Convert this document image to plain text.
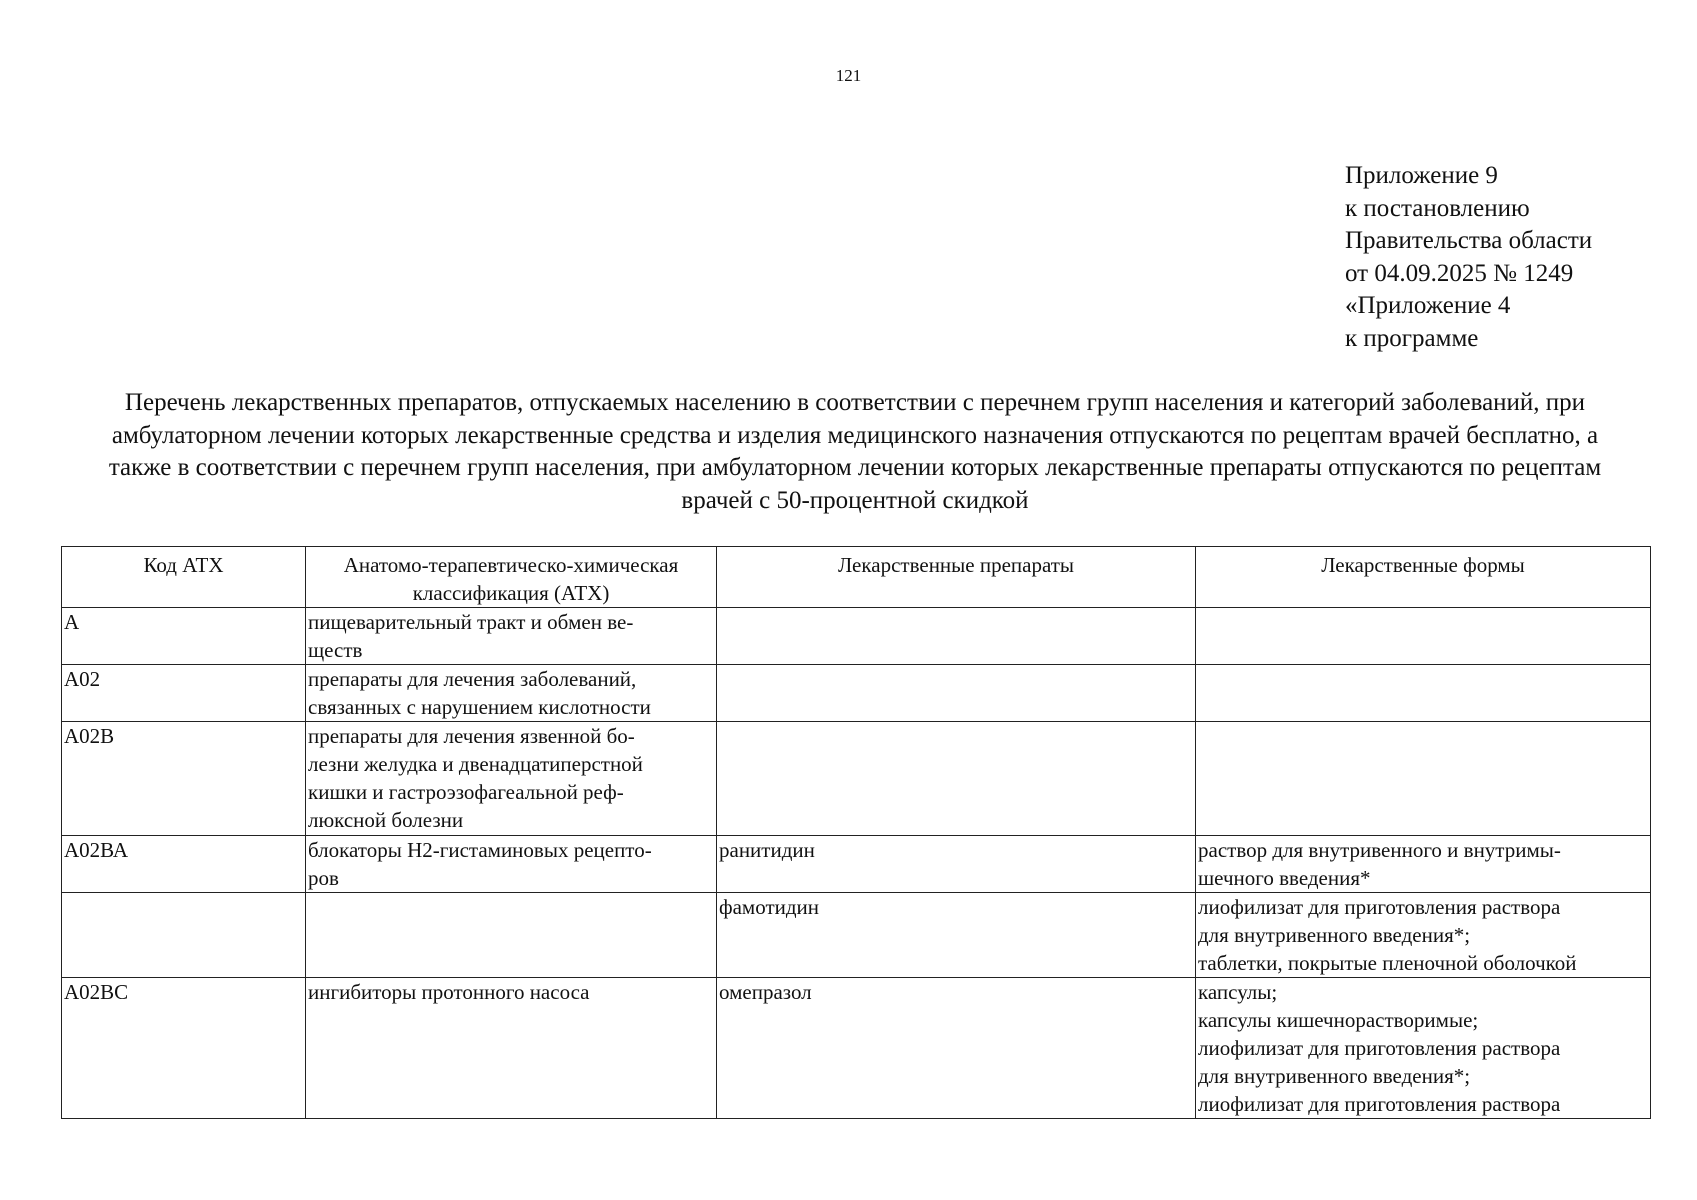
121
Приложение 9
к постановлению
Правительства области
от 04.09.2025 № 1249
«Приложение 4
к программе
Перечень лекарственных препаратов, отпускаемых населению в соответствии с перечнем групп населения и категорий заболеваний, при амбулаторном лечении которых лекарственные средства и изделия медицинского назначения отпускаются по рецептам врачей бесплатно, а также в соответствии с перечнем групп населения, при амбулаторном лечении которых лекарственные препараты отпускаются по рецептам врачей с 50-процентной скидкой
Код АТХ	Анатомо-терапевтическо-химическая классификация (АТХ)	Лекарственные препараты	Лекарственные формы
А	пищеварительный тракт и обмен ве-
ществ		
А02	препараты для лечения заболеваний,
связанных с нарушением кислотности		
А02В	препараты для лечения язвенной бо-
лезни желудка и двенадцатиперстной
кишки и гастроэзофагеальной реф-
люксной болезни		
А02ВА	блокаторы Н2-гистаминовых рецепто-
ров	ранитидин	раствор для внутривенного и внутримы-
шечного введения*
		фамотидин	лиофилизат для приготовления раствора
для внутривенного введения*;
таблетки, покрытые пленочной оболочкой
А02ВС	ингибиторы протонного насоса	омепразол	капсулы;
капсулы кишечнорастворимые;
лиофилизат для приготовления раствора
для внутривенного введения*;
лиофилизат для приготовления раствора
